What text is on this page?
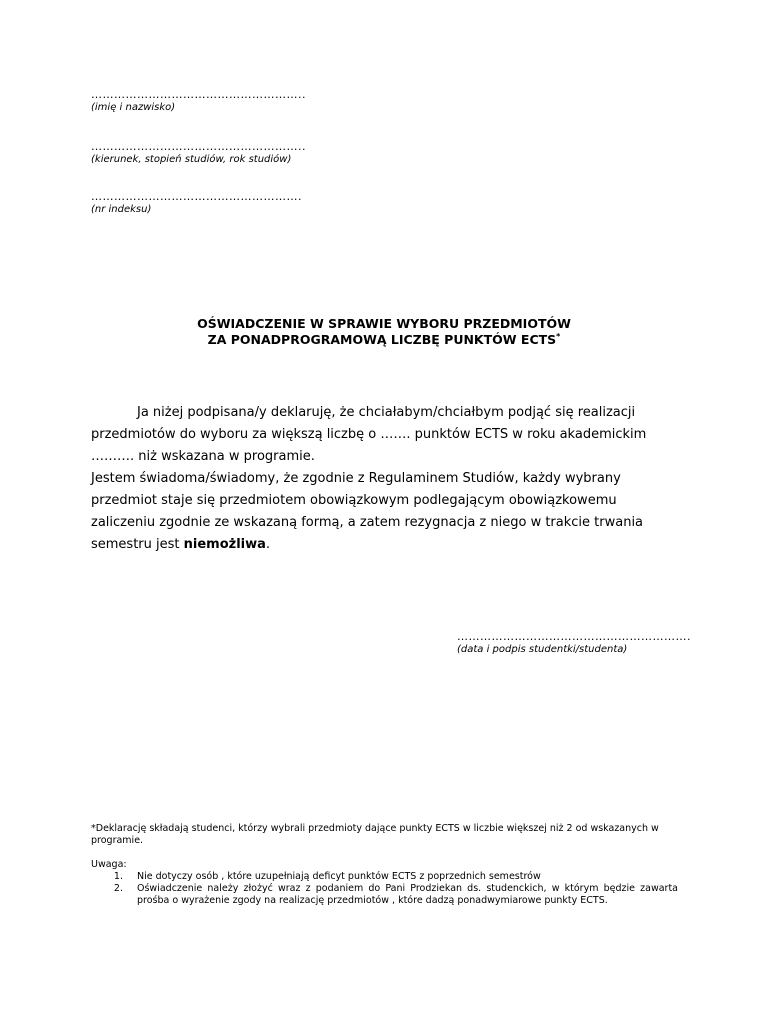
………………………………………………..
(imię i nazwisko)
………………………………………………..
(kierunek, stopień studiów, rok studiów)
……………………………………………….
(nr indeksu)
OŚWIADCZENIE W SPRAWIE WYBORU PRZEDMIOTÓW
ZA PONADPROGRAMOWĄ LICZBĘ PUNKTÓW ECTS*

Ja niżej podpisana/y deklaruję, że chciałabym/chciałbym podjąć się realizacji przedmiotów do wyboru za większą liczbę o ……. punktów ECTS w roku akademickim ………. niż wskazana w programie.

Jestem świadoma/świadomy, że zgodnie z Regulaminem Studiów, każdy wybrany przedmiot staje się przedmiotem obowiązkowym podlegającym obowiązkowemu zaliczeniu zgodnie ze wskazaną formą, a zatem rezygnacja z niego w trakcie trwania semestru jest niemożliwa.

…………………………………………………….
(data i podpis studentki/studenta)
*Deklarację składają studenci, którzy wybrali przedmioty dające punkty ECTS w liczbie większej niż 2 od wskazanych w programie.
Uwaga:
1.	Nie dotyczy osób , które uzupełniają deficyt punktów ECTS z poprzednich semestrów
2.	Oświadczenie należy złożyć wraz z podaniem do Pani Prodziekan ds. studenckich, w którym będzie zawarta prośba o wyrażenie zgody na realizację przedmiotów , które dadzą ponadwymiarowe punkty ECTS.
